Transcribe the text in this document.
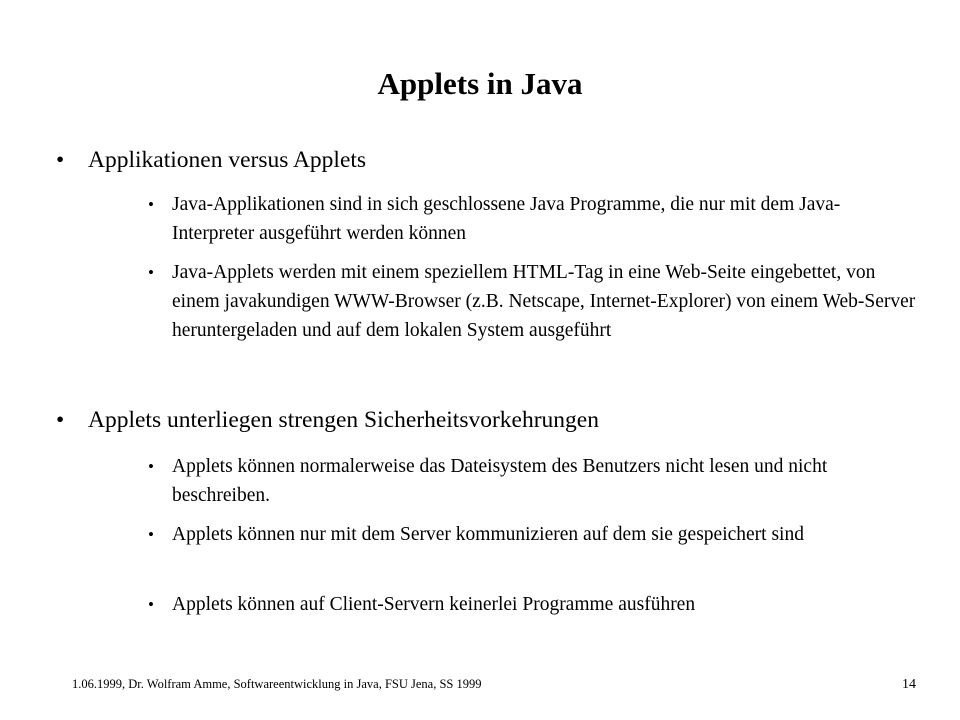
Applets in Java
• Applikationen versus Applets
• Java-Applikationen sind in sich geschlossene Java Programme, die nur mit dem Java-Interpreter ausgeführt werden können
• Java-Applets werden mit einem speziellem HTML-Tag in eine Web-Seite eingebettet, von einem javakundigen WWW-Browser (z.B. Netscape, Internet-Explorer) von einem Web-Server heruntergeladen und auf dem lokalen System ausgeführt
• Applets unterliegen strengen Sicherheitsvorkehrungen
• Applets können normalerweise das Dateisystem des Benutzers nicht lesen und nicht beschreiben.
• Applets können nur mit dem Server kommunizieren auf dem sie gespeichert sind
• Applets können auf Client-Servern keinerlei Programme ausführen
1.06.1999, Dr. Wolfram Amme, Softwareentwicklung in Java, FSU Jena, SS 1999	14
